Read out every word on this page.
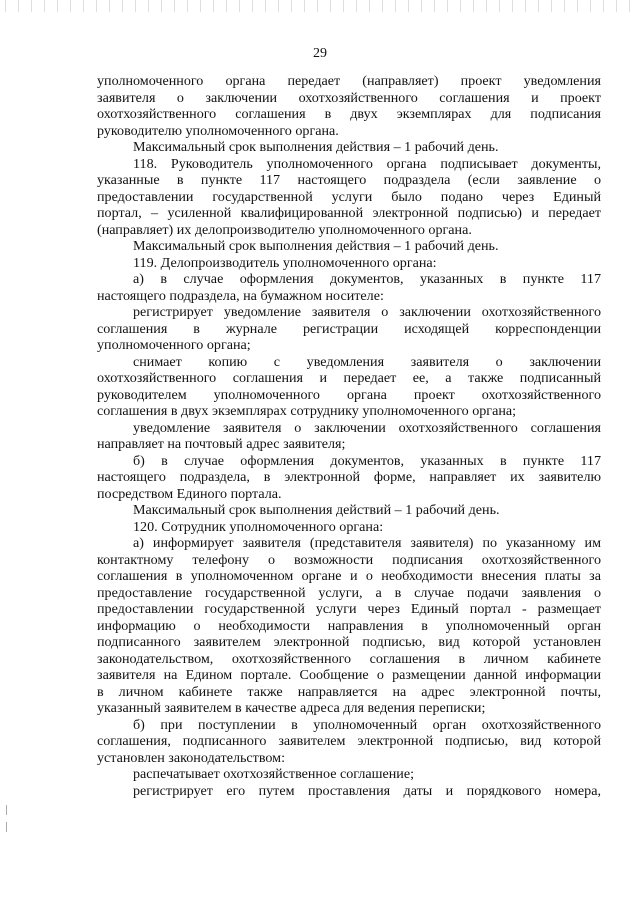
29
уполномоченного органа передает (направляет) проект уведомления
заявителя о заключении охотхозяйственного соглашения и проект
охотхозяйственного соглашения в двух экземплярах для подписания
руководителю уполномоченного органа.
Максимальный срок выполнения действия – 1 рабочий день.
118. Руководитель уполномоченного органа подписывает документы,
указанные в пункте 117 настоящего подраздела (если заявление о
предоставлении государственной услуги было подано через Единый
портал, – усиленной квалифицированной электронной подписью) и передает
(направляет) их делопроизводителю уполномоченного органа.
Максимальный срок выполнения действия – 1 рабочий день.
119. Делопроизводитель уполномоченного органа:
а) в случае оформления документов, указанных в пункте 117
настоящего подраздела, на бумажном носителе:
регистрирует уведомление заявителя о заключении охотхозяйственного
соглашения в журнале регистрации исходящей корреспонденции
уполномоченного органа;
снимает копию с уведомления заявителя о заключении
охотхозяйственного соглашения и передает ее, а также подписанный
руководителем уполномоченного органа проект охотхозяйственного
соглашения в двух экземплярах сотруднику уполномоченного органа;
уведомление заявителя о заключении охотхозяйственного соглашения
направляет на почтовый адрес заявителя;
б) в случае оформления документов, указанных в пункте 117
настоящего подраздела, в электронной форме, направляет их заявителю
посредством Единого портала.
Максимальный срок выполнения действий – 1 рабочий день.
120. Сотрудник уполномоченного органа:
а) информирует заявителя (представителя заявителя) по указанному им
контактному телефону о возможности подписания охотхозяйственного
соглашения в уполномоченном органе и о необходимости внесения платы за
предоставление государственной услуги, а в случае подачи заявления о
предоставлении государственной услуги через Единый портал - размещает
информацию о необходимости направления в уполномоченный орган
подписанного заявителем электронной подписью, вид которой установлен
законодательством, охотхозяйственного соглашения в личном кабинете
заявителя на Едином портале. Сообщение о размещении данной информации
в личном кабинете также направляется на адрес электронной почты,
указанный заявителем в качестве адреса для ведения переписки;
б) при поступлении в уполномоченный орган охотхозяйственного
соглашения, подписанного заявителем электронной подписью, вид которой
установлен законодательством:
распечатывает охотхозяйственное соглашение;
регистрирует его путем проставления даты и порядкового номера,
